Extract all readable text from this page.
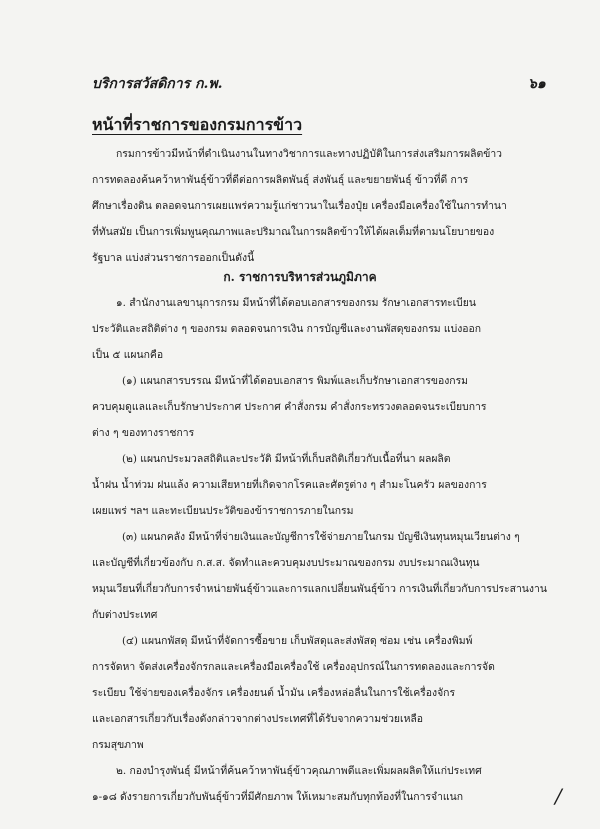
บริการสวัสดิการ ก.พ.	๖๑
หน้าที่ราชการของกรมการข้าว
กรมการข้าวมีหน้าที่ดำเนินงานในทางวิชาการและทางปฏิบัติในการส่งเสริมการผลิตข้าว
การทดลองค้นคว้าหาพันธุ์ข้าวที่ดีต่อการผลิตพันธุ์ ส่งพันธุ์ และขยายพันธุ์ ข้าวที่ดี การ
ศึกษาเรื่องดิน ตลอดจนการเผยแพร่ความรู้แก่ชาวนาในเรื่องปุ๋ย เครื่องมือเครื่องใช้ในการทำนา
ที่ทันสมัย เป็นการเพิ่มพูนคุณภาพและปริมาณในการผลิตข้าวให้ได้ผลเต็มที่ตามนโยบายของ
รัฐบาล แบ่งส่วนราชการออกเป็นดังนี้
ก. ราชการบริหารส่วนภูมิภาค
๑. สำนักงานเลขานุการกรม มีหน้าที่ได้ตอบเอกสารของกรม รักษาเอกสารทะเบียน
ประวัติและสถิติต่าง ๆ ของกรม ตลอดจนการเงิน การบัญชีและงานพัสดุของกรม แบ่งออก
เป็น ๕ แผนกคือ
(๑) แผนกสารบรรณ มีหน้าที่ได้ตอบเอกสาร พิมพ์และเก็บรักษาเอกสารของกรม
ควบคุมดูแลและเก็บรักษาประกาศ ประกาศ คำสั่งกรม คำสั่งกระทรวงตลอดจนระเบียบการ
ต่าง ๆ ของทางราชการ
(๒) แผนกประมวลสถิติและประวัติ มีหน้าที่เก็บสถิติเกี่ยวกับเนื้อที่นา ผลผลิต
น้ำฝน น้ำท่วม ฝนแล้ง ความเสียหายที่เกิดจากโรคและศัตรูต่าง ๆ สำมะโนครัว ผลของการ
เผยแพร่ ฯลฯ และทะเบียนประวัติของข้าราชการภายในกรม
(๓) แผนกคลัง มีหน้าที่จ่ายเงินและบัญชีการใช้จ่ายภายในกรม บัญชีเงินทุนหมุนเวียนต่าง ๆ
และบัญชีที่เกี่ยวข้องกับ ก.ส.ส. จัดทำและควบคุมงบประมาณของกรม งบประมาณเงินทุน
หมุนเวียนที่เกี่ยวกับการจำหน่ายพันธุ์ข้าวและการแลกเปลี่ยนพันธุ์ข้าว การเงินที่เกี่ยวกับการประสานงาน
กับต่างประเทศ
(๔) แผนกพัสดุ มีหน้าที่จัดการซื้อขาย เก็บพัสดุและส่งพัสดุ ซ่อม เช่น เครื่องพิมพ์
การจัดหา จัดส่งเครื่องจักรกลและเครื่องมือเครื่องใช้ เครื่องอุปกรณ์ในการทดลองและการจัด
ระเบียบ ใช้จ่ายของเครื่องจักร เครื่องยนต์ น้ำมัน เครื่องหล่อลื่นในการใช้เครื่องจักร
และเอกสารเกี่ยวกับเรื่องดังกล่าวจากต่างประเทศที่ได้รับจากความช่วยเหลือ
กรมสุขภาพ
๒. กองบำรุงพันธุ์ มีหน้าที่ค้นคว้าหาพันธุ์ข้าวคุณภาพดีและเพิ่มผลผลิตให้แก่ประเทศ
๑-๑๘ ดังรายการเกี่ยวกับพันธุ์ข้าวที่มีศักยภาพ ให้เหมาะสมกับทุกท้องที่ในการจำแนก	/
